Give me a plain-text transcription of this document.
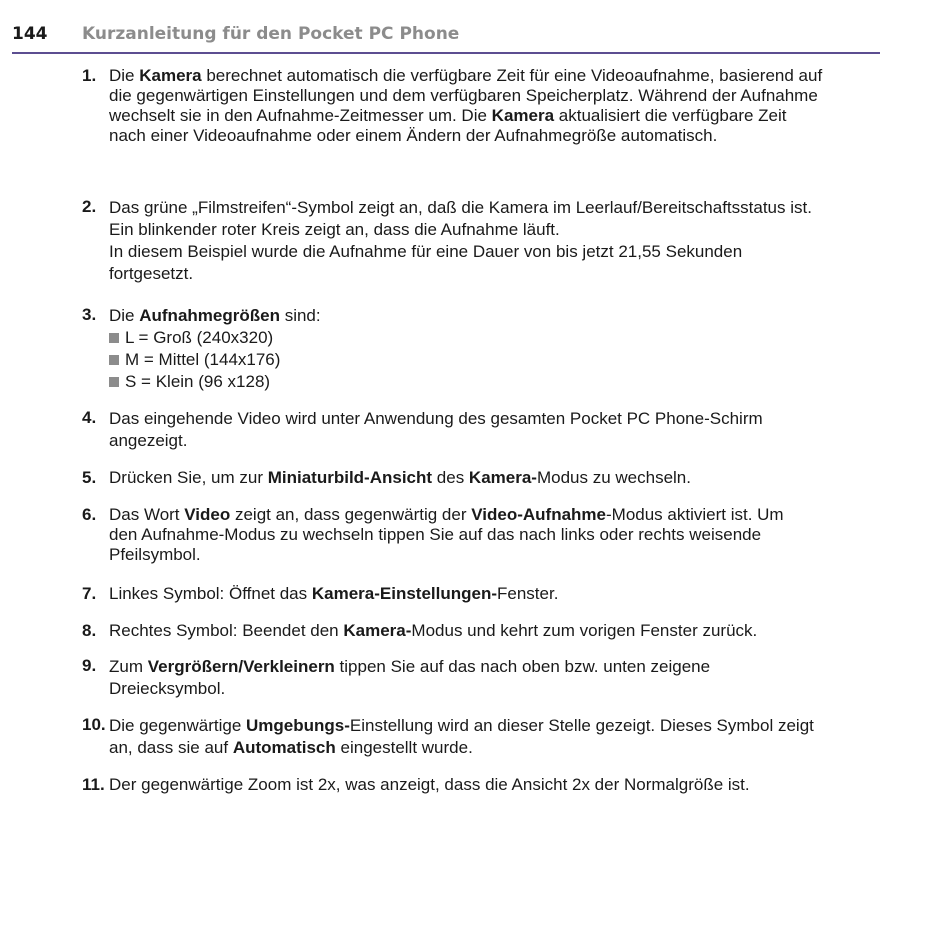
144 Kurzanleitung für den Pocket PC Phone
1. Die Kamera berechnet automatisch die verfügbare Zeit für eine Videoaufnahme, basierend auf
die gegenwärtigen Einstellungen und dem verfügbaren Speicherplatz. Während der Aufnahme
wechselt sie in den Aufnahme-Zeitmesser um. Die Kamera aktualisiert die verfügbare Zeit
nach einer Videoaufnahme oder einem Ändern der Aufnahmegröße automatisch.
2. Das grüne „Filmstreifen“-Symbol zeigt an, daß die Kamera im Leerlauf/Bereitschaftsstatus ist.
Ein blinkender roter Kreis zeigt an, dass die Aufnahme läuft.
In diesem Beispiel wurde die Aufnahme für eine Dauer von bis jetzt 21,55 Sekunden
fortgesetzt.
3. Die Aufnahmegrößen sind:
L = Groß (240x320)
M = Mittel (144x176)
S = Klein (96 x128)
4. Das eingehende Video wird unter Anwendung des gesamten Pocket PC Phone-Schirm
angezeigt.
5. Drücken Sie, um zur Miniaturbild-Ansicht des Kamera-Modus zu wechseln.
6. Das Wort Video zeigt an, dass gegenwärtig der Video-Aufnahme-Modus aktiviert ist. Um
den Aufnahme-Modus zu wechseln tippen Sie auf das nach links oder rechts weisende
Pfeilsymbol.
7. Linkes Symbol: Öffnet das Kamera-Einstellungen-Fenster.
8. Rechtes Symbol: Beendet den Kamera-Modus und kehrt zum vorigen Fenster zurück.
9. Zum Vergrößern/Verkleinern tippen Sie auf das nach oben bzw. unten zeigene
Dreiecksymbol.
10. Die gegenwärtige Umgebungs-Einstellung wird an dieser Stelle gezeigt. Dieses Symbol zeigt
an, dass sie auf Automatisch eingestellt wurde.
11. Der gegenwärtige Zoom ist 2x, was anzeigt, dass die Ansicht 2x der Normalgröße ist.
